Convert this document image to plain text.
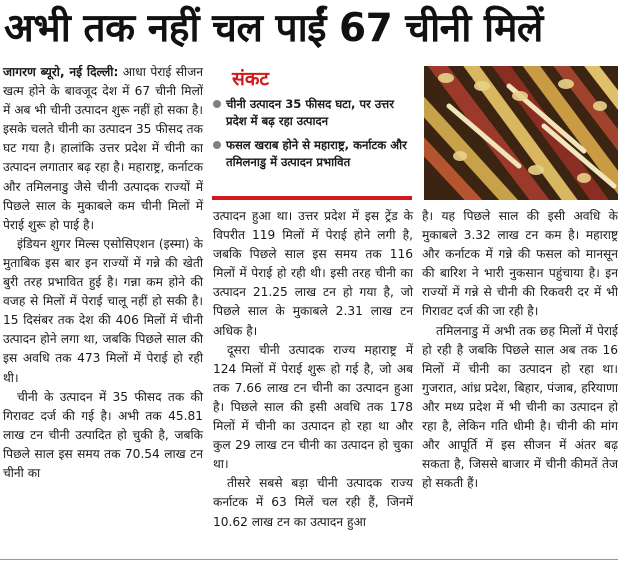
अभी तक नहीं चल पाईं 67 चीनी मिलें

जागरण ब्यूरो, नई दिल्ली: आधा पेराई सीजन खत्म होने के बावजूद देश में 67 चीनी मिलों में अब भी चीनी उत्पादन शुरू नहीं हो सका है। इसके चलते चीनी का उत्पादन 35 फीसद तक घट गया है। हालांकि उत्तर प्रदेश में चीनी का उत्पादन लगातार बढ़ रहा है। महाराष्ट्र, कर्नाटक और तमिलनाडु जैसे चीनी उत्पादक राज्यों में पिछले साल के मुकाबले कम चीनी मिलों में पेराई शुरू हो पाई है।

इंडियन शुगर मिल्स एसोसिएशन (इस्मा) के मुताबिक इस बार इन राज्यों में गन्ने की खेती बुरी तरह प्रभावित हुई है। गन्ना कम होने की वजह से मिलों में पेराई चालू नहीं हो सकी है। 15 दिसंबर तक देश की 406 मिलों में चीनी उत्पादन होने लगा था, जबकि पिछले साल की इस अवधि तक 473 मिलों में पेराई हो रही थी।

चीनी के उत्पादन में 35 फीसद तक की गिरावट दर्ज की गई है। अभी तक 45.81 लाख टन चीनी उत्पादित हो चुकी है, जबकि पिछले साल इस समय तक 70.54 लाख टन चीनी का

संकट
चीनी उत्पादन 35 फीसद घटा, पर उत्तर प्रदेश में बढ़ रहा उत्पादन
फसल खराब होने से महाराष्ट्र, कर्नाटक और तमिलनाडु में उत्पादन प्रभावित

उत्पादन हुआ था। उत्तर प्रदेश में इस ट्रेंड के विपरीत 119 मिलों में पेराई होने लगी है, जबकि पिछले साल इस समय तक 116 मिलों में पेराई हो रही थी। इसी तरह चीनी का उत्पादन 21.25 लाख टन हो गया है, जो पिछले साल के मुकाबले 2.31 लाख टन अधिक है।

दूसरा चीनी उत्पादक राज्य महाराष्ट्र में 124 मिलों में पेराई शुरू हो गई है, जो अब तक 7.66 लाख टन चीनी का उत्पादन हुआ है। पिछले साल की इसी अवधि तक 178 मिलों में चीनी का उत्पादन हो रहा था और कुल 29 लाख टन चीनी का उत्पादन हो चुका था।

तीसरे सबसे बड़ा चीनी उत्पादक राज्य कर्नाटक में 63 मिलें चल रही हैं, जिनमें 10.62 लाख टन का उत्पादन हुआ

है। यह पिछले साल की इसी अवधि के मुकाबले 3.32 लाख टन कम है। महाराष्ट्र और कर्नाटक में गन्ने की फसल को मानसून की बारिश ने भारी नुकसान पहुंचाया है। इन राज्यों में गन्ने से चीनी की रिकवरी दर में भी गिरावट दर्ज की जा रही है।

तमिलनाडु में अभी तक छह मिलों में पेराई हो रही है जबकि पिछले साल अब तक 16 मिलों में चीनी का उत्पादन हो रहा था। गुजरात, आंध्र प्रदेश, बिहार, पंजाब, हरियाणा और मध्य प्रदेश में भी चीनी का उत्पादन हो रहा है, लेकिन गति धीमी है। चीनी की मांग और आपूर्ति में इस सीजन में अंतर बढ़ सकता है, जिससे बाजार में चीनी कीमतें तेज हो सकती हैं।
